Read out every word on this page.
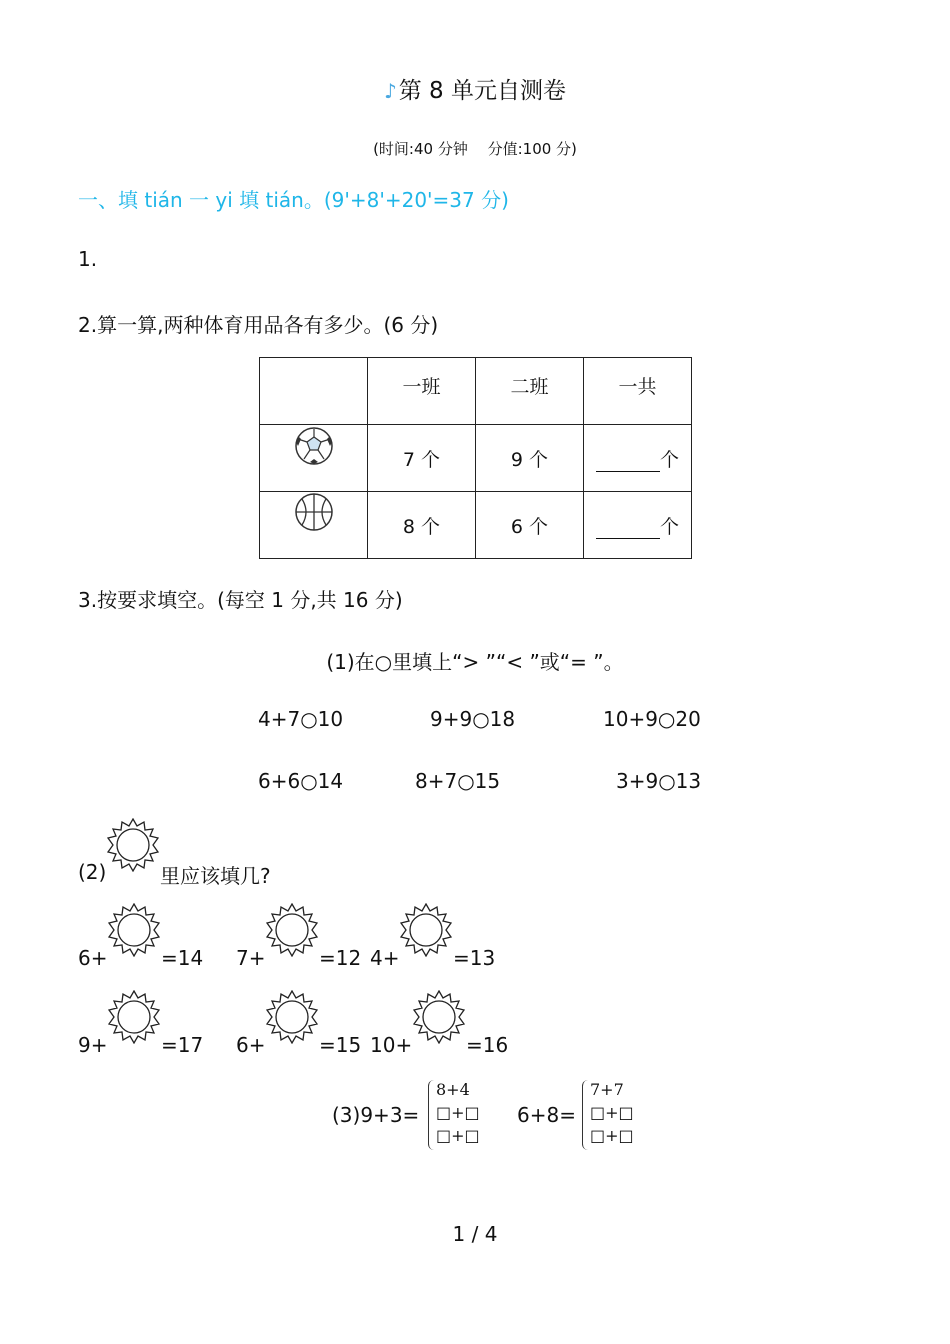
♪第 8 单元自测卷
(时间:40 分钟　 分值:100 分)
一、填 tián 一 yi 填 tián。(9'+8'+20'=37 分)
1.
2.算一算,两种体育用品各有多少。(6 分)
	一班	二班	一共
	7 个	9 个	个
	8 个	6 个	个
3.按要求填空。(每空 1 分,共 16 分)
(1)在○里填上“> ”“< ”或“= ”。
4+7○10	9+9○18	10+9○20
6+6○14	8+7○15	3+9○13
(2)	里应该填几?
6+	=14 7+	=12 4+	=13
9+	=17 6+	=15 10+	=16
(3)9+3=
8+4
□+□
□+□
6+8=
7+7
□+□
□+□
1 / 4
